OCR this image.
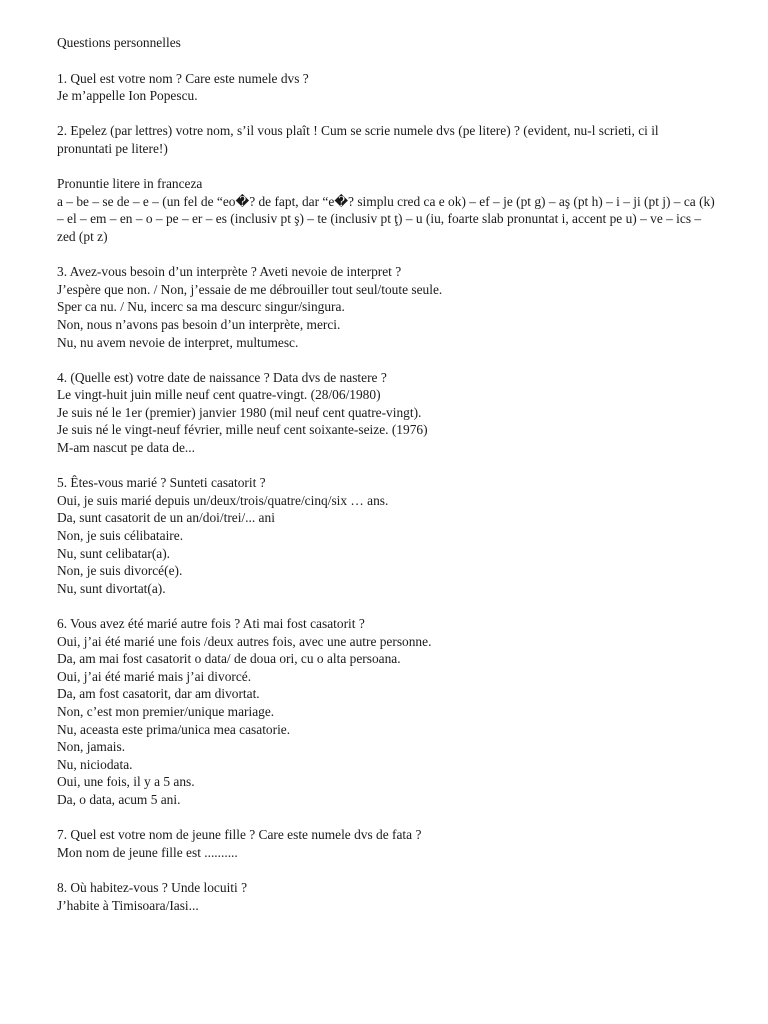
Questions personnelles
1. Quel est votre nom ? Care este numele dvs ?
Je m’appelle Ion Popescu.
2. Epelez (par lettres) votre nom, s’il vous plaît ! Cum se scrie numele dvs (pe litere) ? (evident, nu-l scrieti, ci il pronuntati pe litere!)
Pronuntie litere in franceza
a – be – se de – e – (un fel de “eo�? de fapt, dar “e�? simplu cred ca e ok) – ef – je (pt g) – aş (pt h) – i – ji (pt j) – ca (k) – el – em – en – o – pe – er – es (inclusiv pt ş) – te (inclusiv pt ţ) – u (iu, foarte slab pronuntat i, accent pe u) – ve – ics – zed (pt z)
3. Avez-vous besoin d’un interprète ? Aveti nevoie de interpret ?
J’espère que non. / Non, j’essaie de me débrouiller tout seul/toute seule.
Sper ca nu. / Nu, incerc sa ma descurc singur/singura.
Non, nous n’avons pas besoin d’un interprète, merci.
Nu, nu avem nevoie de interpret, multumesc.
4. (Quelle est) votre date de naissance ? Data dvs de nastere ?
Le vingt-huit juin mille neuf cent quatre-vingt. (28/06/1980)
Je suis né le 1er (premier) janvier 1980 (mil neuf cent quatre-vingt).
Je suis né le vingt-neuf février, mille neuf cent soixante-seize. (1976)
M-am nascut pe data de...
5. Êtes-vous marié ? Sunteti casatorit ?
Oui, je suis marié depuis un/deux/trois/quatre/cinq/six … ans.
Da, sunt casatorit de un an/doi/trei/... ani
Non, je suis célibataire.
Nu, sunt celibatar(a).
Non, je suis divorcé(e).
Nu, sunt divortat(a).
6. Vous avez été marié autre fois ? Ati mai fost casatorit ?
Oui, j’ai été marié une fois /deux autres fois, avec une autre personne.
Da, am mai fost casatorit o data/ de doua ori, cu o alta persoana.
Oui, j’ai été marié mais j’ai divorcé.
Da, am fost casatorit, dar am divortat.
Non, c’est mon premier/unique mariage.
Nu, aceasta este prima/unica mea casatorie.
Non, jamais.
Nu, niciodata.
Oui, une fois, il y a 5 ans.
Da, o data, acum 5 ani.
7. Quel est votre nom de jeune fille ? Care este numele dvs de fata ?
Mon nom de jeune fille est ..........
8. Où habitez-vous ? Unde locuiti ?
J’habite à Timisoara/Iasi...
